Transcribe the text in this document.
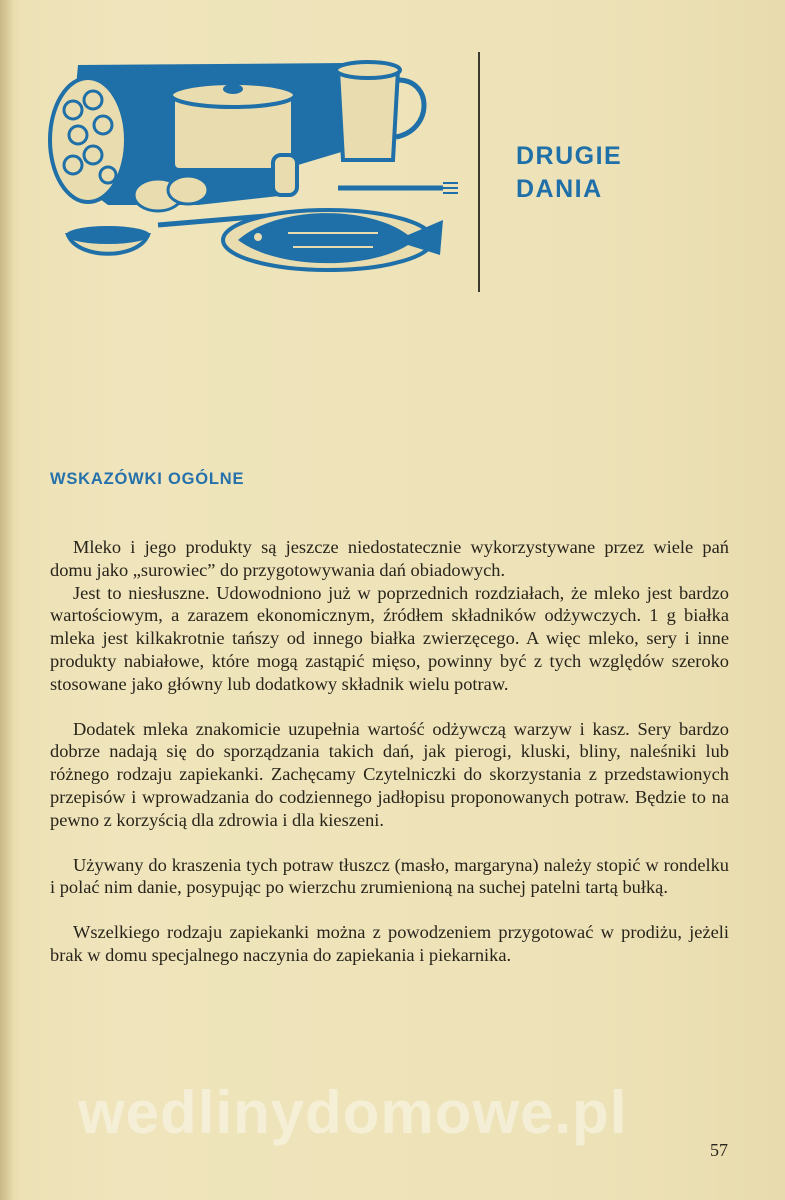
DRUGIE
DANIA
WSKAZÓWKI OGÓLNE

Mleko i jego produkty są jeszcze niedostatecznie wykorzystywane przez wiele pań domu jako „surowiec” do przygotowywania dań obiadowych.

Jest to niesłuszne. Udowodniono już w poprzednich rozdziałach, że mleko jest bardzo wartościowym, a zarazem ekonomicznym, źródłem składników odżywczych. 1 g białka mleka jest kilkakrotnie tańszy od innego białka zwierzęcego. A więc mleko, sery i inne produkty nabiałowe, które mogą zastąpić mięso, powinny być z tych względów szeroko stosowane jako główny lub dodatkowy składnik wielu potraw.

Dodatek mleka znakomicie uzupełnia wartość odżywczą warzyw i kasz. Sery bardzo dobrze nadają się do sporządzania takich dań, jak pierogi, kluski, bliny, naleśniki lub różnego rodzaju zapiekanki. Zachęcamy Czytelniczki do skorzystania z przedstawionych przepisów i wprowadzania do codziennego jadłopisu proponowanych potraw. Będzie to na pewno z korzyścią dla zdrowia i dla kieszeni.

Używany do kraszenia tych potraw tłuszcz (masło, margaryna) należy stopić w rondelku i polać nim danie, posypując po wierzchu zrumienioną na suchej patelni tartą bułką.

Wszelkiego rodzaju zapiekanki można z powodzeniem przygotować w prodiżu, jeżeli brak w domu specjalnego naczynia do zapiekania i piekarnika.

wedlinydomowe.pl
57
